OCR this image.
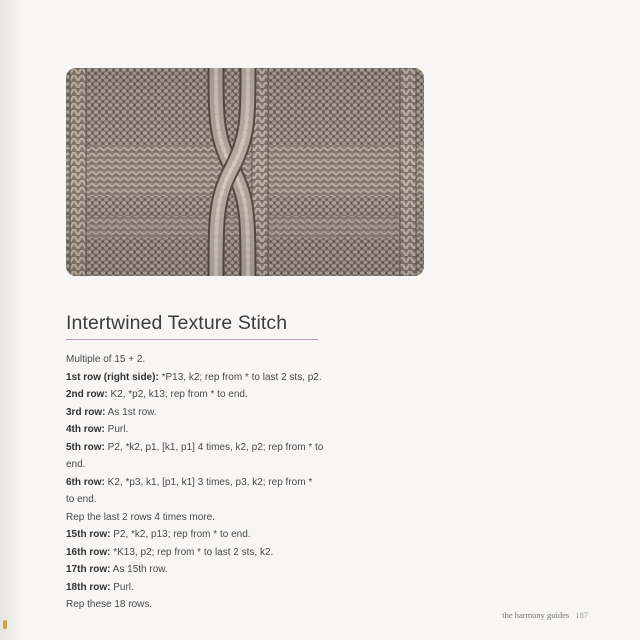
Intertwined Texture Stitch
Multiple of 15 + 2.
1st row (right side): *P13, k2; rep from * to last 2 sts, p2.
2nd row: K2, *p2, k13; rep from * to end.
3rd row: As 1st row.
4th row: Purl.
5th row: P2, *k2, p1, [k1, p1] 4 times, k2, p2; rep from * to
end.
6th row: K2, *p3, k1, [p1, k1] 3 times, p3, k2; rep from *
to end.
Rep the last 2 rows 4 times more.
15th row: P2, *k2, p13; rep from * to end.
16th row: *K13, p2; rep from * to last 2 sts, k2.
17th row: As 15th row.
18th row: Purl.
Rep these 18 rows.
the harmony guides 187
